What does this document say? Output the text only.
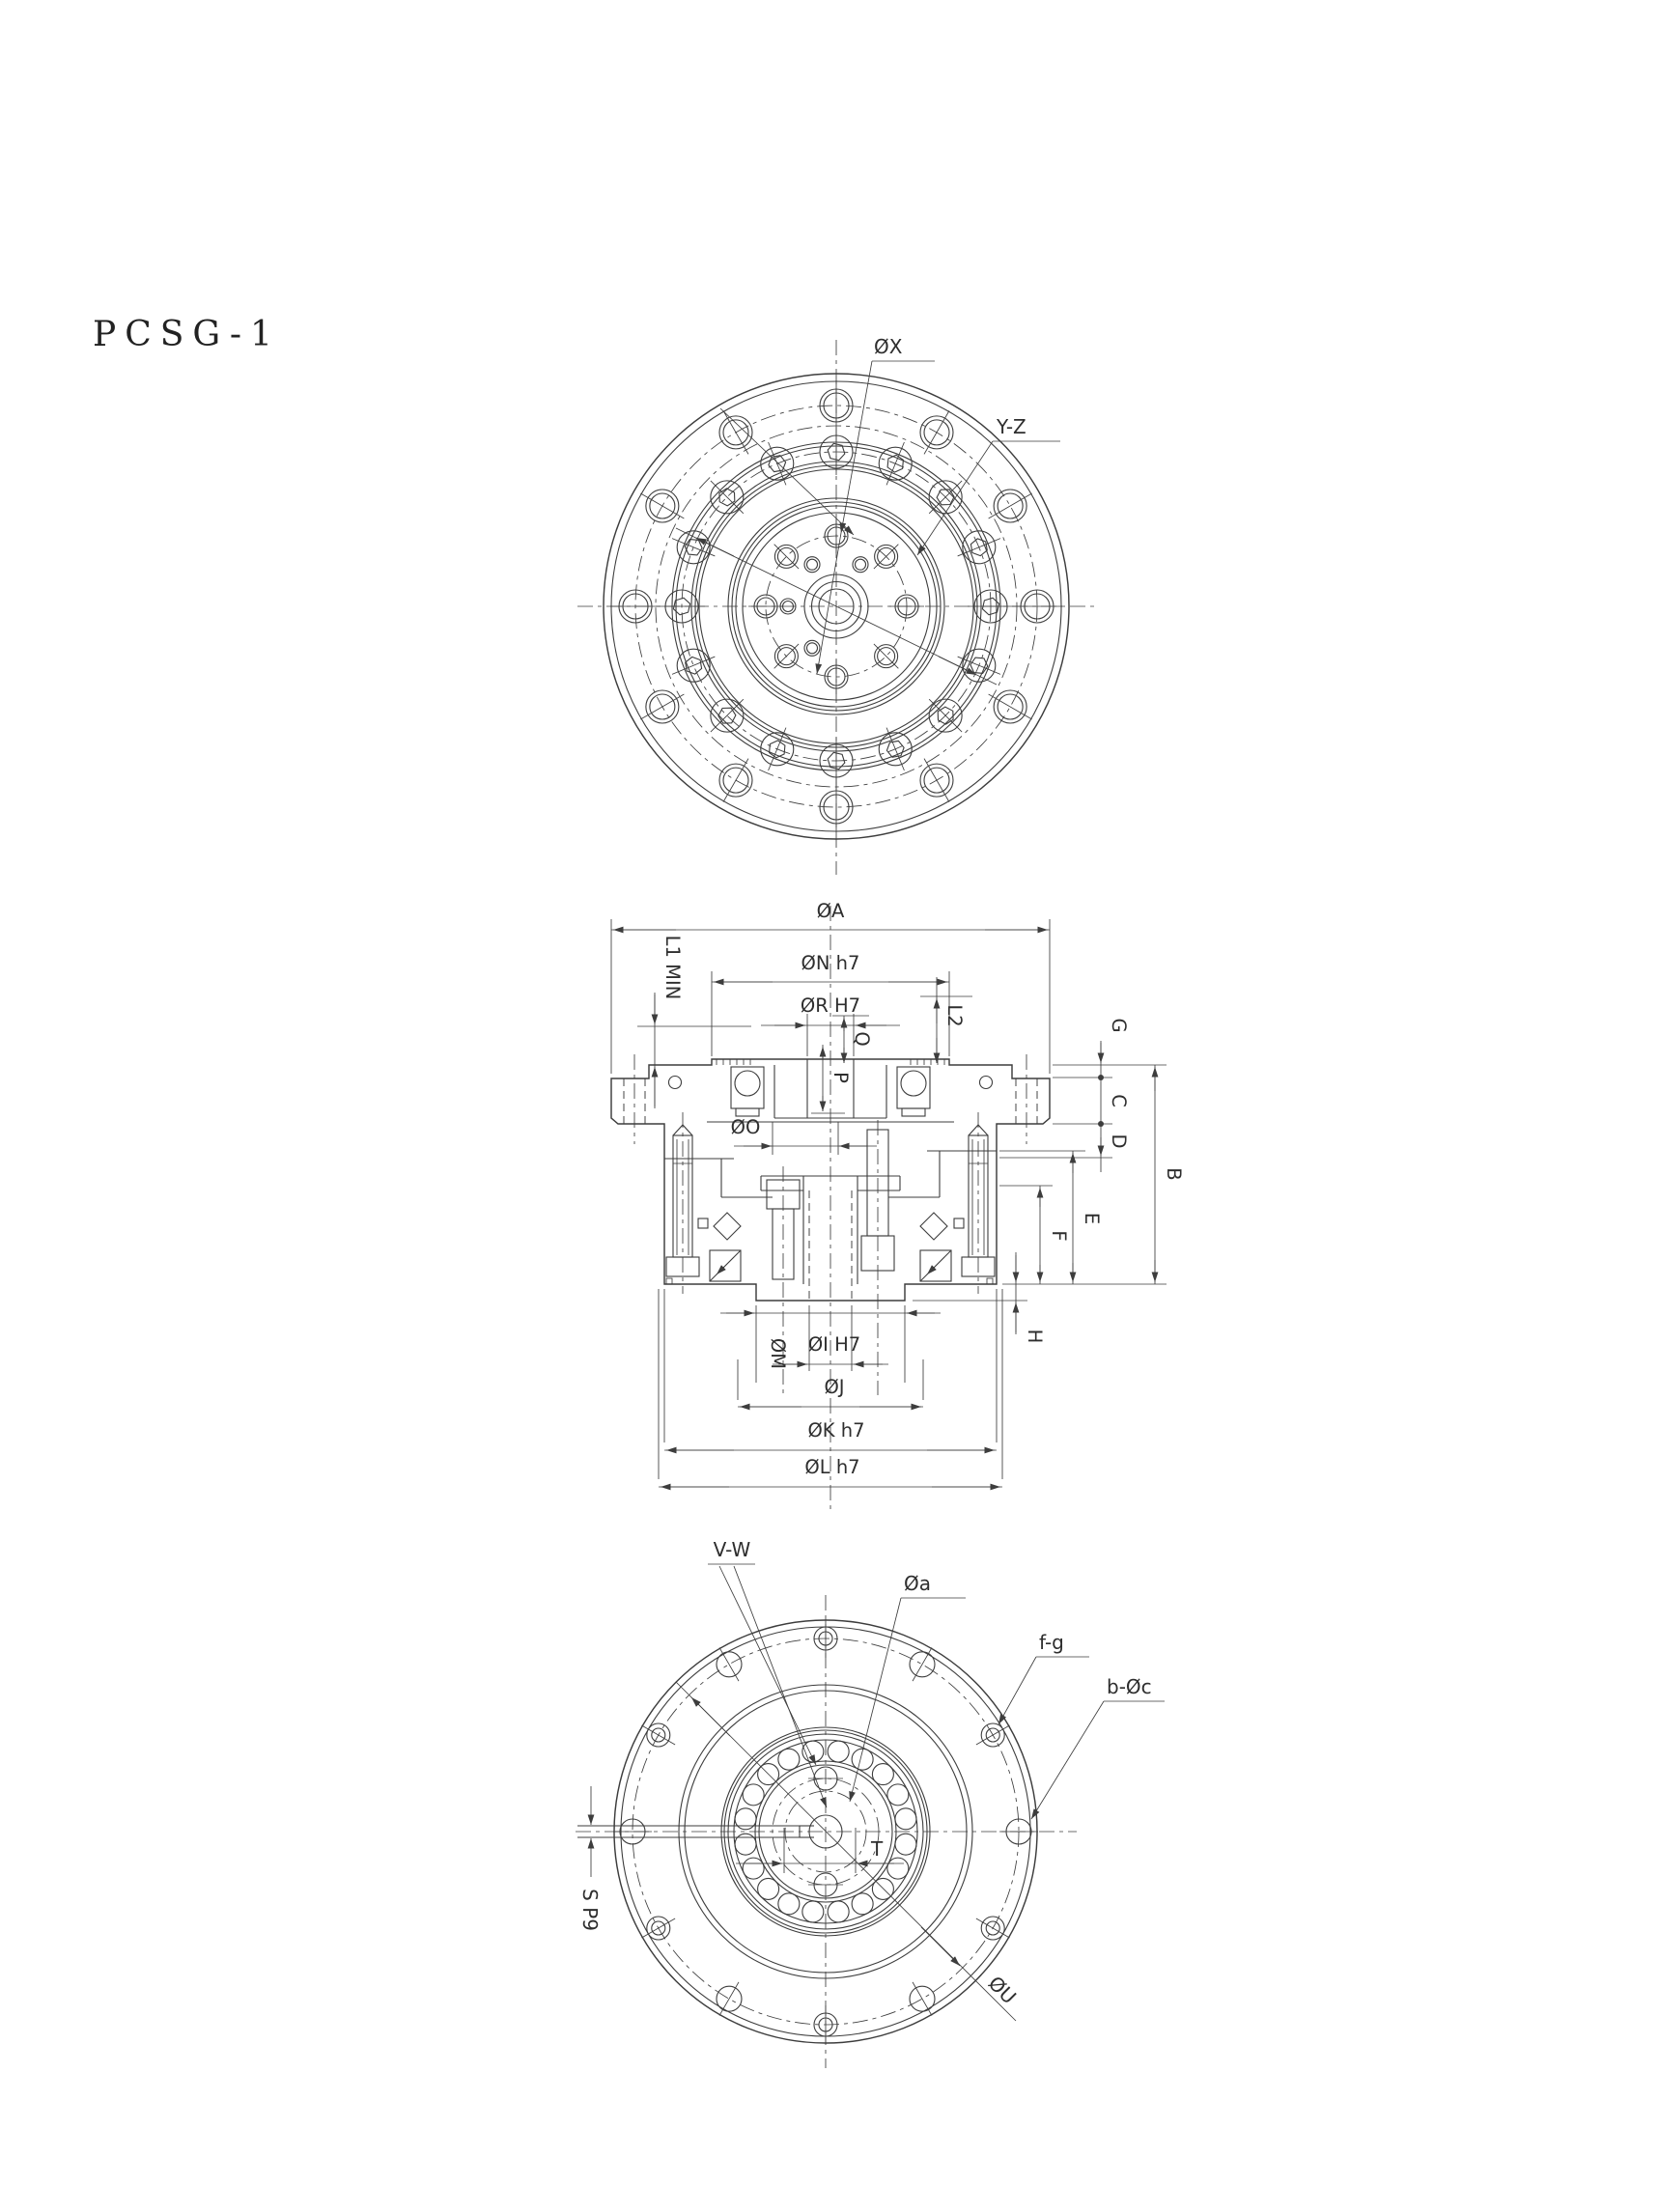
PCSG-1	ØX
Y-Z
ØA
ØN h7
ØR H7
L1 MIN
L2
Q
P
ØO
G
C
D
B
E
F
H
ØM ØI H7
ØJ
ØK h7
ØL h7
S P9
T
ØU
V-W
Øa
f-g
b-Øc
